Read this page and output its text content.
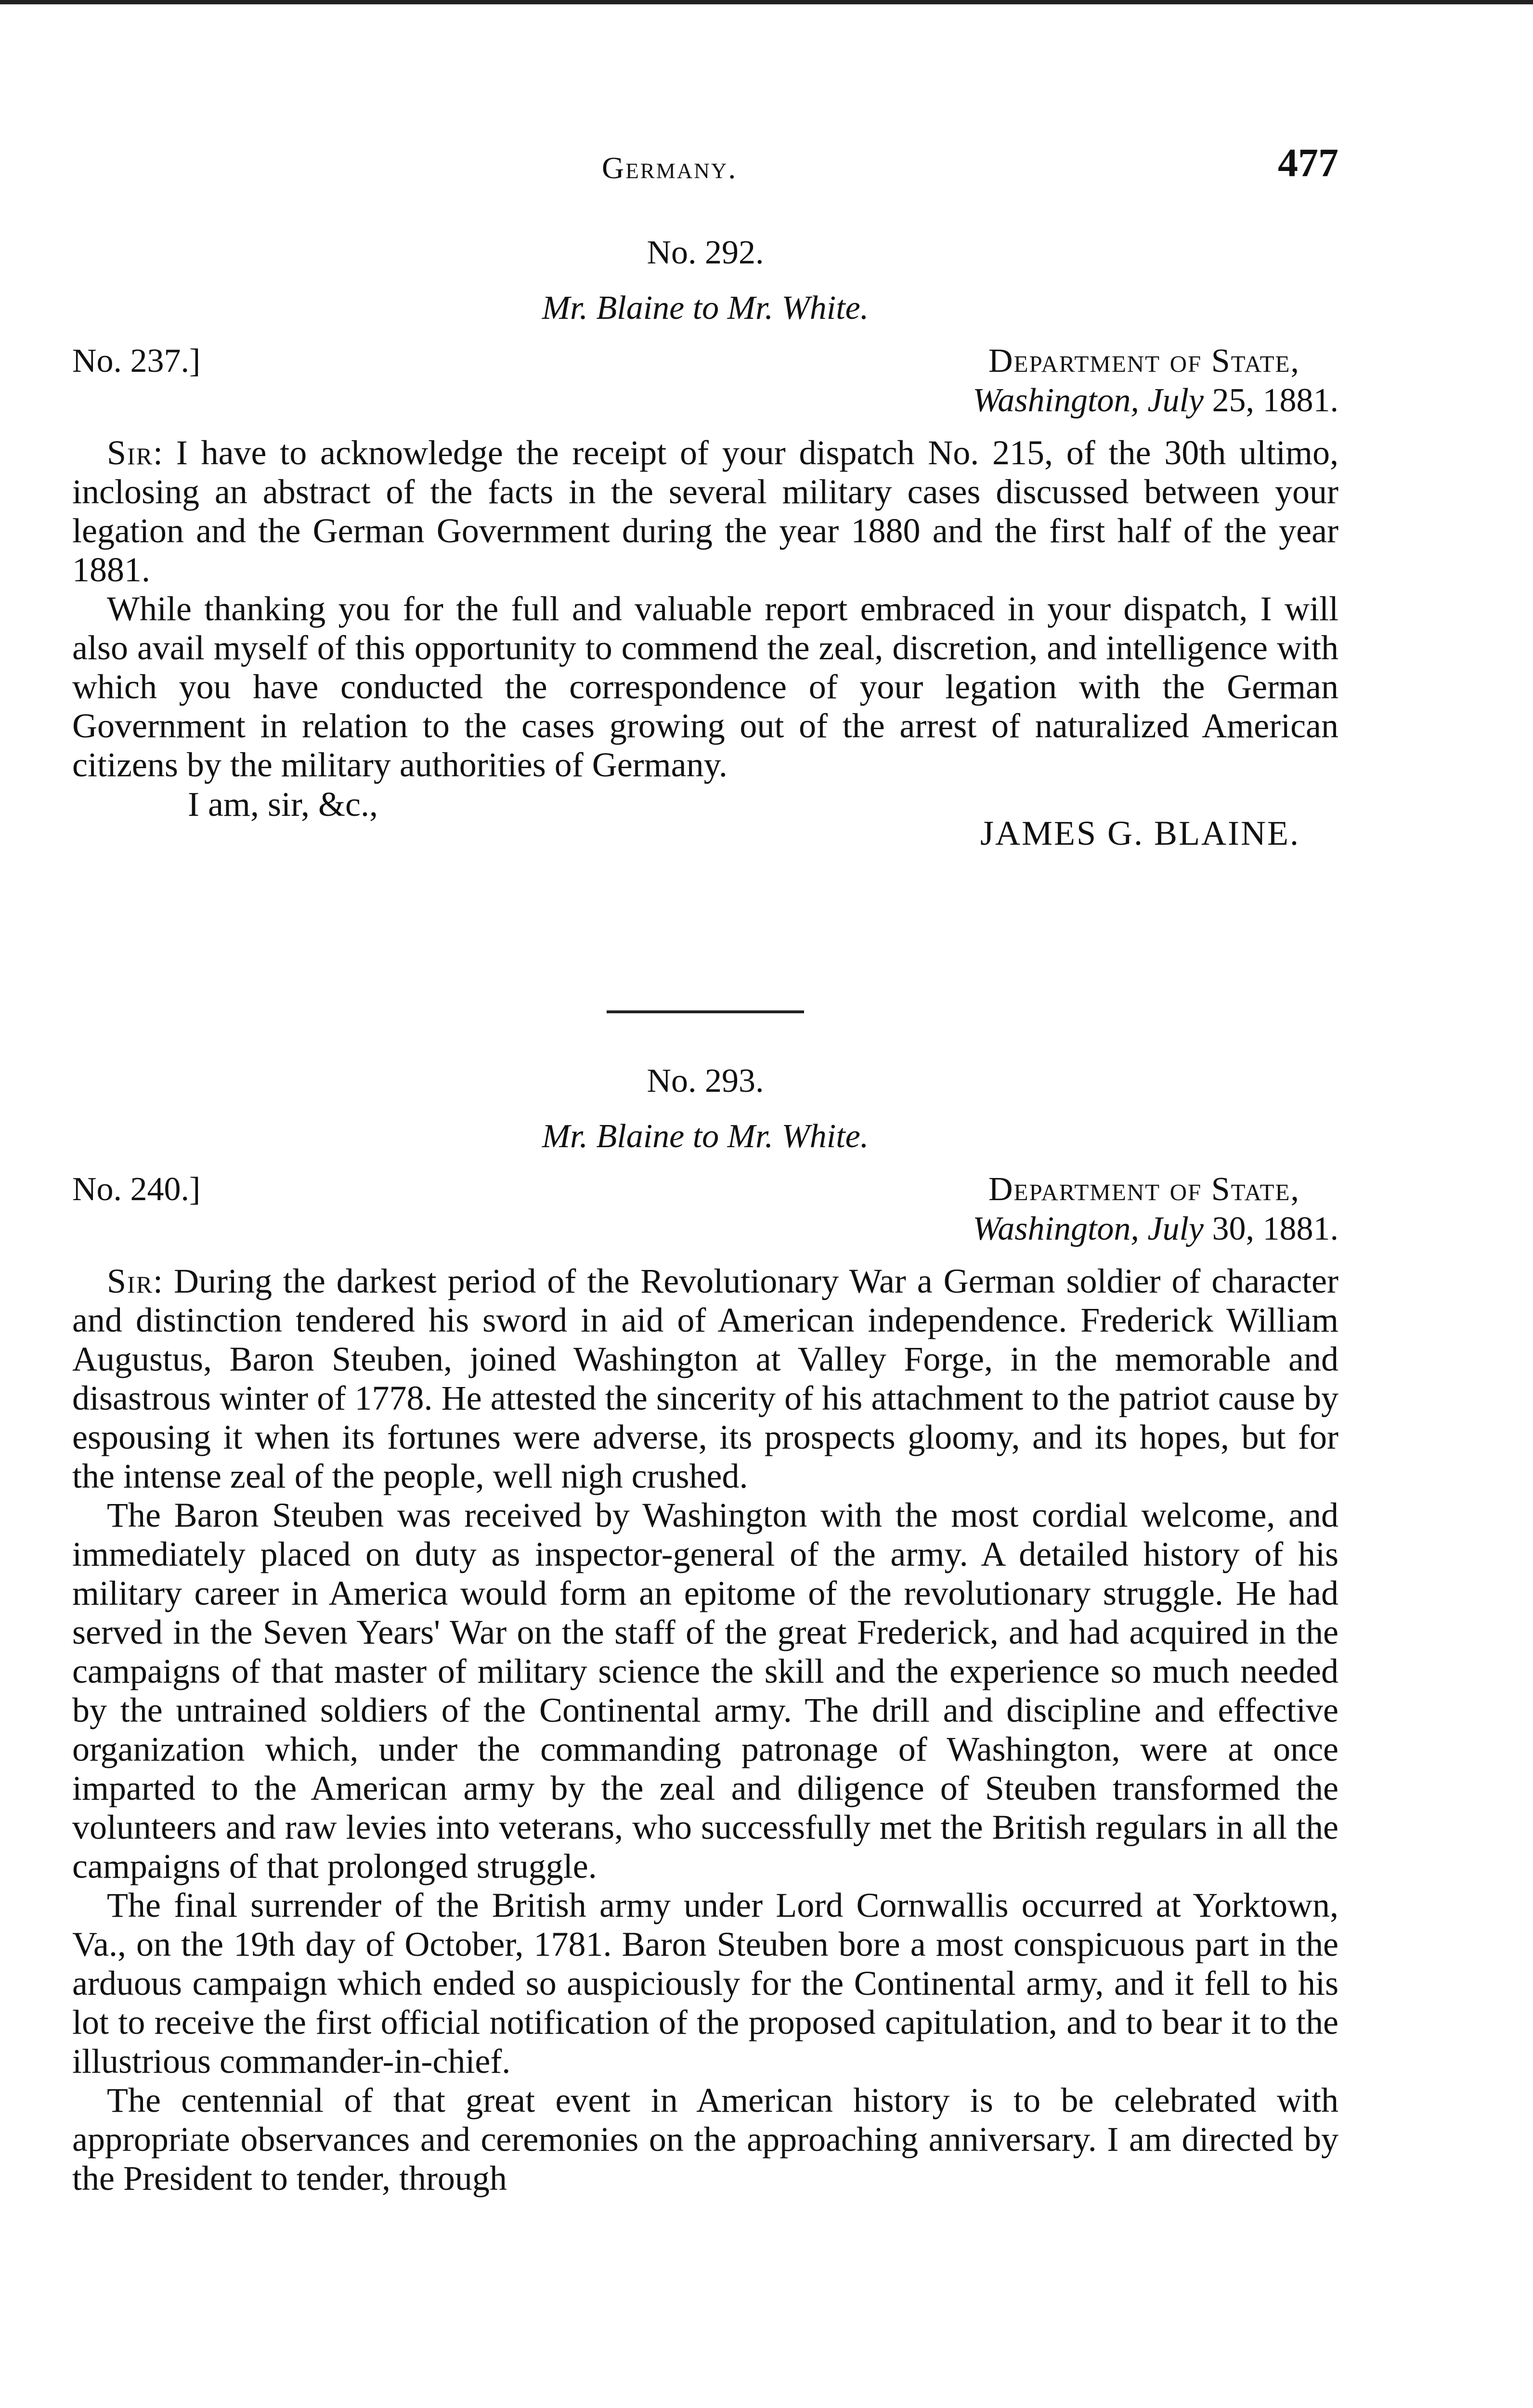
Germany.	477
No. 292.
Mr. Blaine to Mr. White.
No. 237.]	Department of State,
Washington, July 25, 1881.

Sir: I have to acknowledge the receipt of your dispatch No. 215, of the 30th ultimo, inclosing an abstract of the facts in the several military cases discussed between your legation and the German Government during the year 1880 and the first half of the year 1881.

While thanking you for the full and valuable report embraced in your dispatch, I will also avail myself of this opportunity to commend the zeal, discretion, and intelligence with which you have conducted the correspondence of your legation with the German Government in relation to the cases growing out of the arrest of naturalized American citizens by the military authorities of Germany.

I am, sir, &c.,
JAMES G. BLAINE.
No. 293.
Mr. Blaine to Mr. White.
No. 240.]	Department of State,
Washington, July 30, 1881.

Sir: During the darkest period of the Revolutionary War a German soldier of character and distinction tendered his sword in aid of American independence. Frederick William Augustus, Baron Steuben, joined Washington at Valley Forge, in the memorable and disastrous winter of 1778. He attested the sincerity of his attachment to the patriot cause by espousing it when its fortunes were adverse, its prospects gloomy, and its hopes, but for the intense zeal of the people, well nigh crushed.

The Baron Steuben was received by Washington with the most cordial welcome, and immediately placed on duty as inspector-general of the army. A detailed history of his military career in America would form an epitome of the revolutionary struggle. He had served in the Seven Years' War on the staff of the great Frederick, and had acquired in the campaigns of that master of military science the skill and the experience so much needed by the untrained soldiers of the Continental army. The drill and discipline and effective organization which, under the commanding patronage of Washington, were at once imparted to the American army by the zeal and diligence of Steuben transformed the volunteers and raw levies into veterans, who successfully met the British regulars in all the campaigns of that prolonged struggle.

The final surrender of the British army under Lord Cornwallis occurred at Yorktown, Va., on the 19th day of October, 1781. Baron Steuben bore a most conspicuous part in the arduous campaign which ended so auspiciously for the Continental army, and it fell to his lot to receive the first official notification of the proposed capitulation, and to bear it to the illustrious commander-in-chief.

The centennial of that great event in American history is to be celebrated with appropriate observances and ceremonies on the approaching anniversary. I am directed by the President to tender, through
